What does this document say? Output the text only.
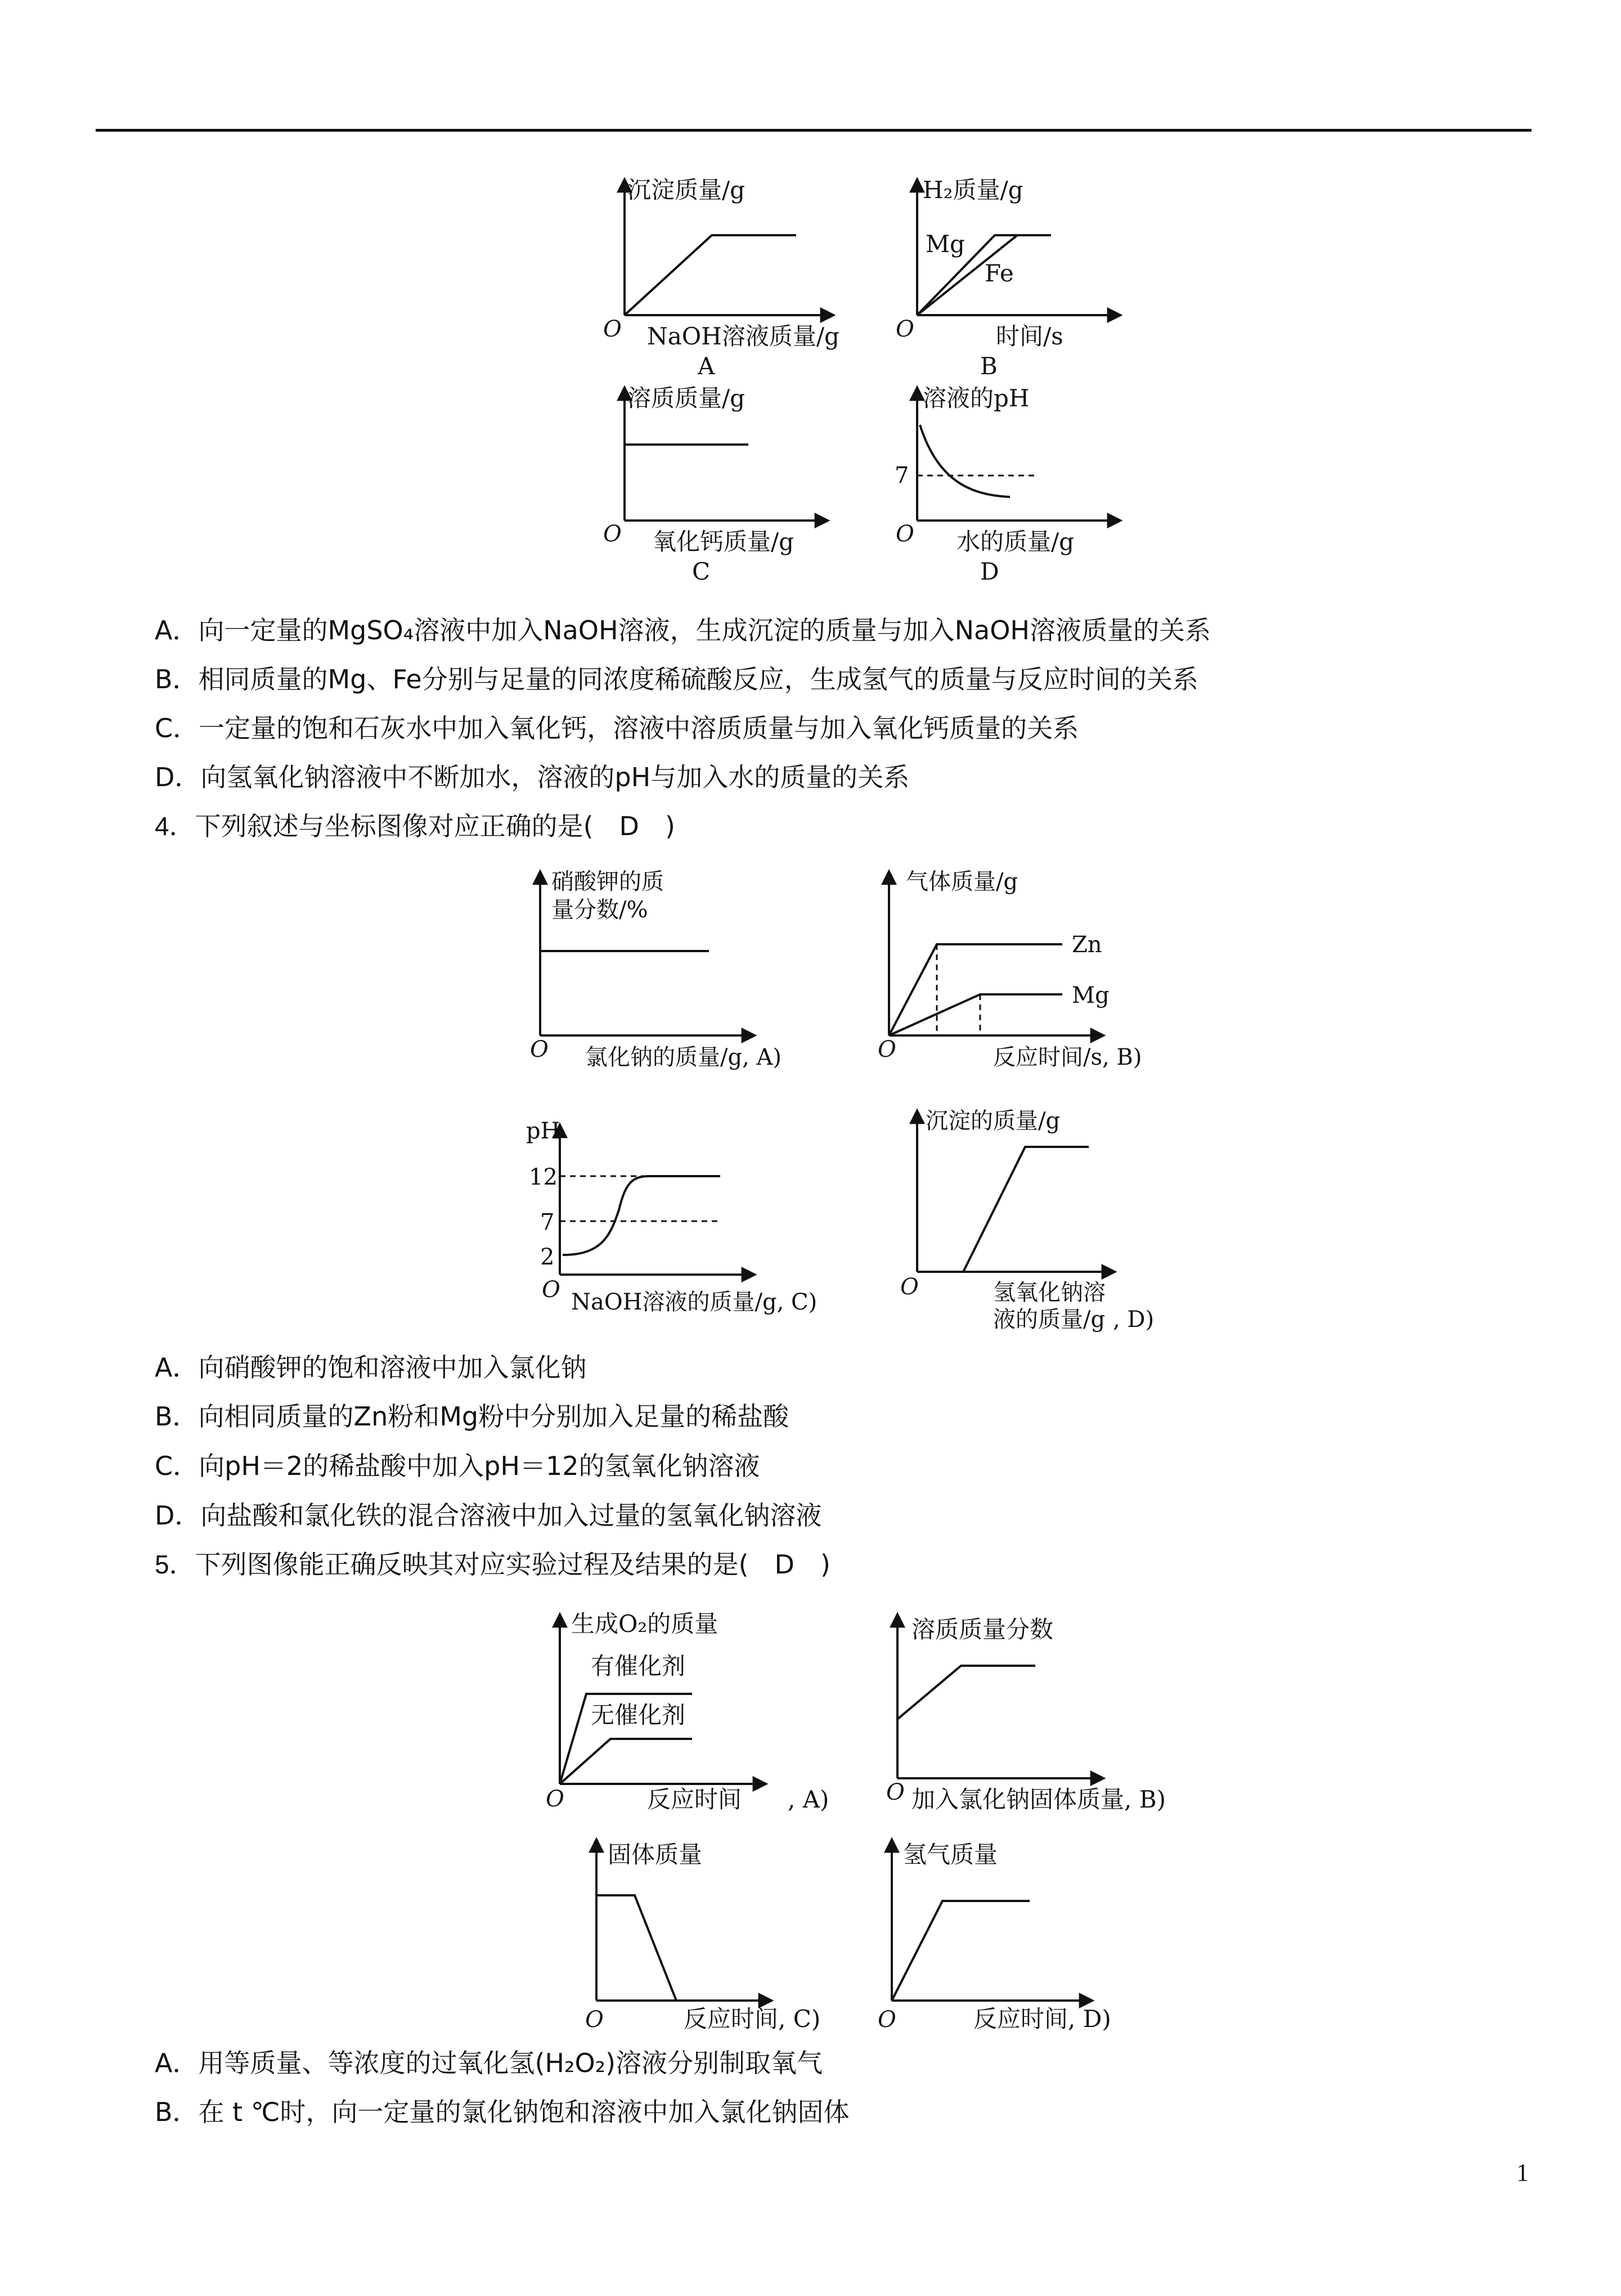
沉淀质量/g
O NaOH溶液质量/g
A
H₂质量/g
Mg
Fe
O	时间/s
B
溶质质量/g
O 氧化钙质量/g
C
溶液的pH
7
O 水的质量/g
D
A．向一定量的MgSO₄溶液中加入NaOH溶液，生成沉淀的质量与加入NaOH溶液质量的关系
B．相同质量的Mg、Fe分别与足量的同浓度稀硫酸反应，生成氢气的质量与反应时间的关系
C．一定量的饱和石灰水中加入氧化钙，溶液中溶质质量与加入氧化钙质量的关系
D．向氢氧化钠溶液中不断加水，溶液的pH与加入水的质量的关系
4．下列叙述与坐标图像对应正确的是(　D　)
硝酸钾的质
量分数/%
O 氯化钠的质量/g, A)
气体质量/g
Zn
Mg
O	反应时间/s, B)
pH
12
7
2
O NaOH溶液的质量/g, C)
沉淀的质量/g
O	氢氧化钠溶
液的质量/g , D)
A．向硝酸钾的饱和溶液中加入氯化钠
B．向相同质量的Zn粉和Mg粉中分别加入足量的稀盐酸
C．向pH＝2的稀盐酸中加入pH＝12的氢氧化钠溶液
D．向盐酸和氯化铁的混合溶液中加入过量的氢氧化钠溶液
5．下列图像能正确反映其对应实验过程及结果的是(　D　)
生成O₂的质量
有催化剂
无催化剂
O	反应时间 , A)
溶质质量分数
O 加入氯化钠固体质量, B)
固体质量
O	反应时间, C)
氢气质量
O	反应时间, D)
A．用等质量、等浓度的过氧化氢(H₂O₂)溶液分别制取氧气
B．在 t ℃时，向一定量的氯化钠饱和溶液中加入氯化钠固体
1
